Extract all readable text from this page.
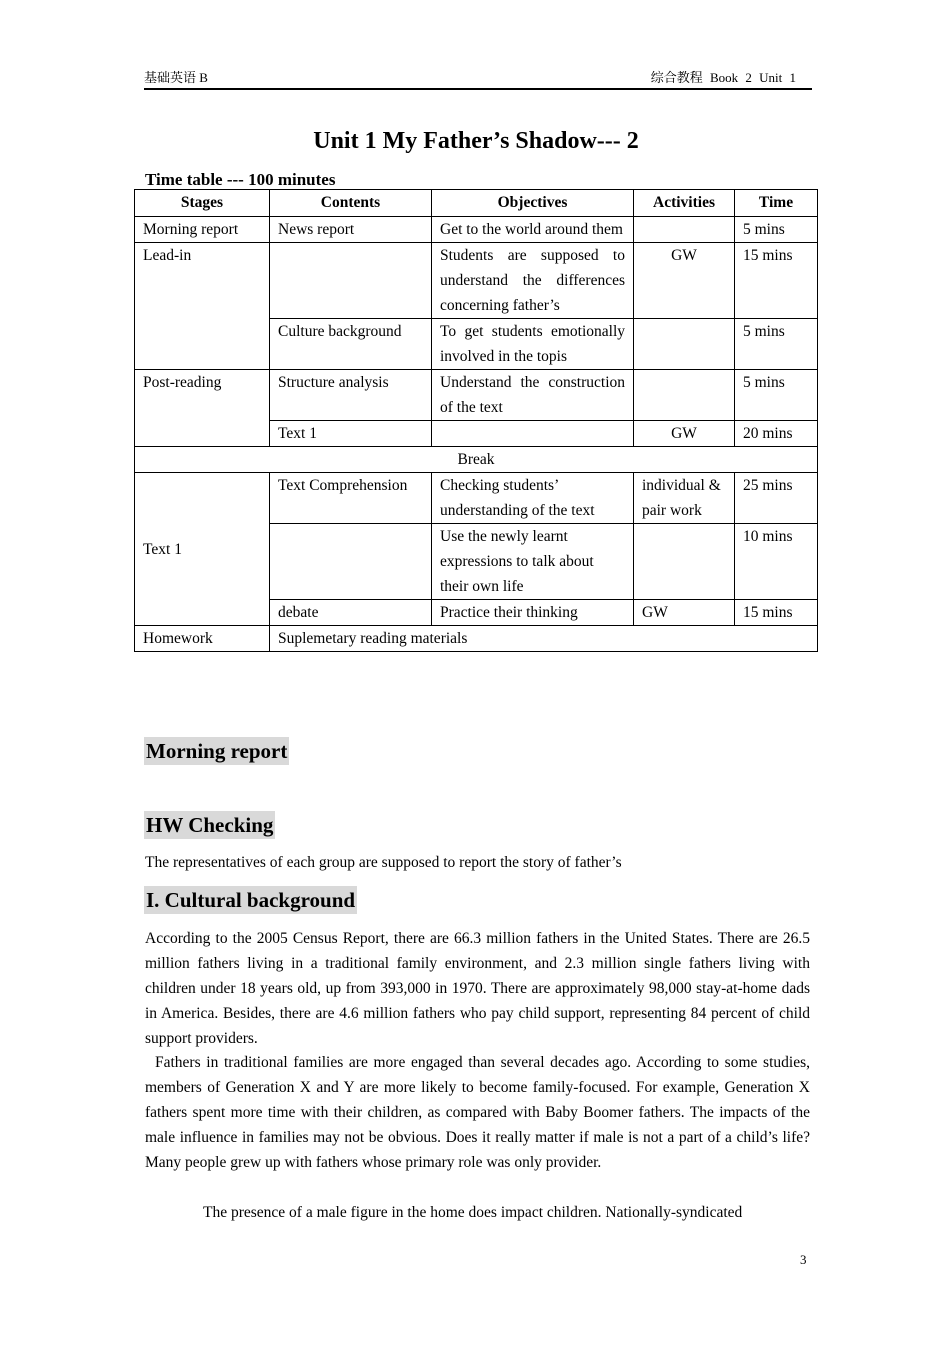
基础英语 B	综合教程 Book 2 Unit 1
Unit 1 My Father’s Shadow--- 2
Time table --- 100 minutes
Stages	Contents	Objectives	Activities	Time
Morning report	News report	Get to the world around them		5 mins
Lead-in		Students are supposed to understand the differences concerning father’s	GW	15 mins
	Culture background	To get students emotionally involved in the topis		5 mins
Post-reading	Structure analysis	Understand the construction of the text		5 mins
	Text 1		GW	20 mins
Break				
Text 1	Text Comprehension	Checking students’ understanding of the text	individual & pair work	25 mins
		Use the newly learnt expressions to talk about their own life		10 mins
	debate	Practice their thinking	GW	15 mins
Homework	Suplemetary reading materials			
Morning report
HW Checking
The representatives of each group are supposed to report the story of father’s
I. Cultural background
According to the 2005 Census Report, there are 66.3 million fathers in the United States. There are 26.5 million fathers living in a traditional family environment, and 2.3 million single fathers living with children under 18 years old, up from 393,000 in 1970. There are approximately 98,000 stay-at-home dads in America. Besides, there are 4.6 million fathers who pay child support, representing 84 percent of child support providers.
Fathers in traditional families are more engaged than several decades ago. According to some studies, members of Generation X and Y are more likely to become family-focused. For example, Generation X fathers spent more time with their children, as compared with Baby Boomer fathers. The impacts of the male influence in families may not be obvious. Does it really matter if male is not a part of a child’s life? Many people grew up with fathers whose primary role was only provider.
The presence of a male figure in the home does impact children. Nationally-syndicated
3
